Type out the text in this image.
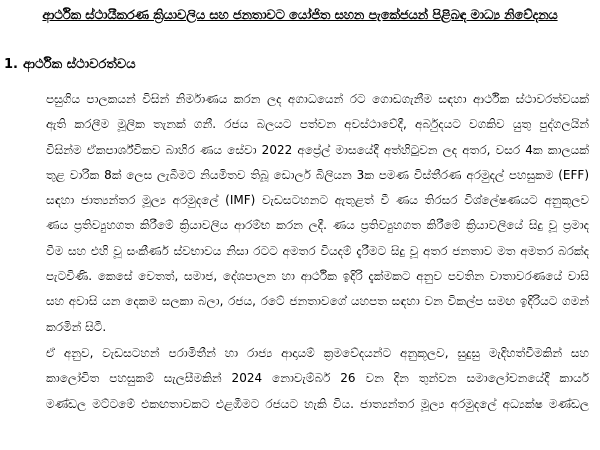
ආර්ථික ස්ථායීකරණ ක්‍රියාවලිය සහ ජනතාවට යෝජිත සහන පැකේජයන් පිළිබඳ මාධ්‍ය නිවේදනය
1. ආර්ථික ස්ථාවරත්වය
පසුගිය පාලකයන් විසින් නිර්මාණය කරන ලද අගාධයෙන් රට ගොඩගැනීම සඳහා ආර්ථික ස්ථාවරත්වයක්
ඇති කරලීම මූලික තැනක් ගනී. රජය බලයට පත්වන අවස්ථාවේදී, අර්බුදයට වගකිව යුතු පුද්ගලයින්
විසින්ම ඒකපාර්ශ්විකව බාහිර ණය සේවා 2022 අප්‍රේල් මාසයේදී අත්හිටුවන ලද අතර, වසර 4ක කාලයක්
තුළ වාරික 8ක් ලෙස ලැබීමට නියමිතව තිබූ ඩොලර් බිලියන 3ක පමණ විස්තීරණ අරමුදල් පහසුකම (EFF)
සඳහා ජාත්‍යන්තර මූල්‍ය අරමුදලේ (IMF) වැඩසටහනට ඇතුළත් වී ණය තිරසර විශ්ලේෂණයට අනුකූලව
ණය ප්‍රතිව්‍යුහගත කිරීමේ ක්‍රියාවලිය ආරම්භ කරන ලදී. ණය ප්‍රතිව්‍යුහගත කිරීමේ ක්‍රියාවලියේ සිදු වූ ප්‍රමාද
වීම සහ එහි වූ සංකීර්ණ ස්වභාවය නිසා රටට අමතර වියදම් දැරීමට සිදු වූ අතර ජනතාව මත අමතර බරක්ද
පැටවිණි. කෙසේ වෙතත්, සමාජ, දේශපාලන හා ආර්ථික ඉදිරි දැක්මකට අනුව පවතින වාතාවරණයේ වාසි
සහ අවාසි යන දෙකම සලකා බලා, රජය, රටේ ජනතාවගේ යහපත සඳහා වන විකල්ප සමඟ ඉදිරියට ගමන්
කරමින් සිටී.
ඒ අනුව, වැඩසටහන් පරාමිතීන් හා රාජ්‍ය ආදායම් ක්‍රමවේදයන්ට අනුකූලව, සුදුසු මැදිහත්වීමකින් සහ
කාලෝචිත පහසුකම් සැලසීමකින් 2024 නොවැම්බර් 26 වන දින තුන්වන සමාලෝචනයේදී කාර්ය
මණ්ඩල මට්ටමේ එකඟතාවකට එළඹීමට රජයට හැකි විය. ජාත්‍යන්තර මූල්‍ය අරමුදලේ අධ්‍යක්ෂ මණ්ඩල
